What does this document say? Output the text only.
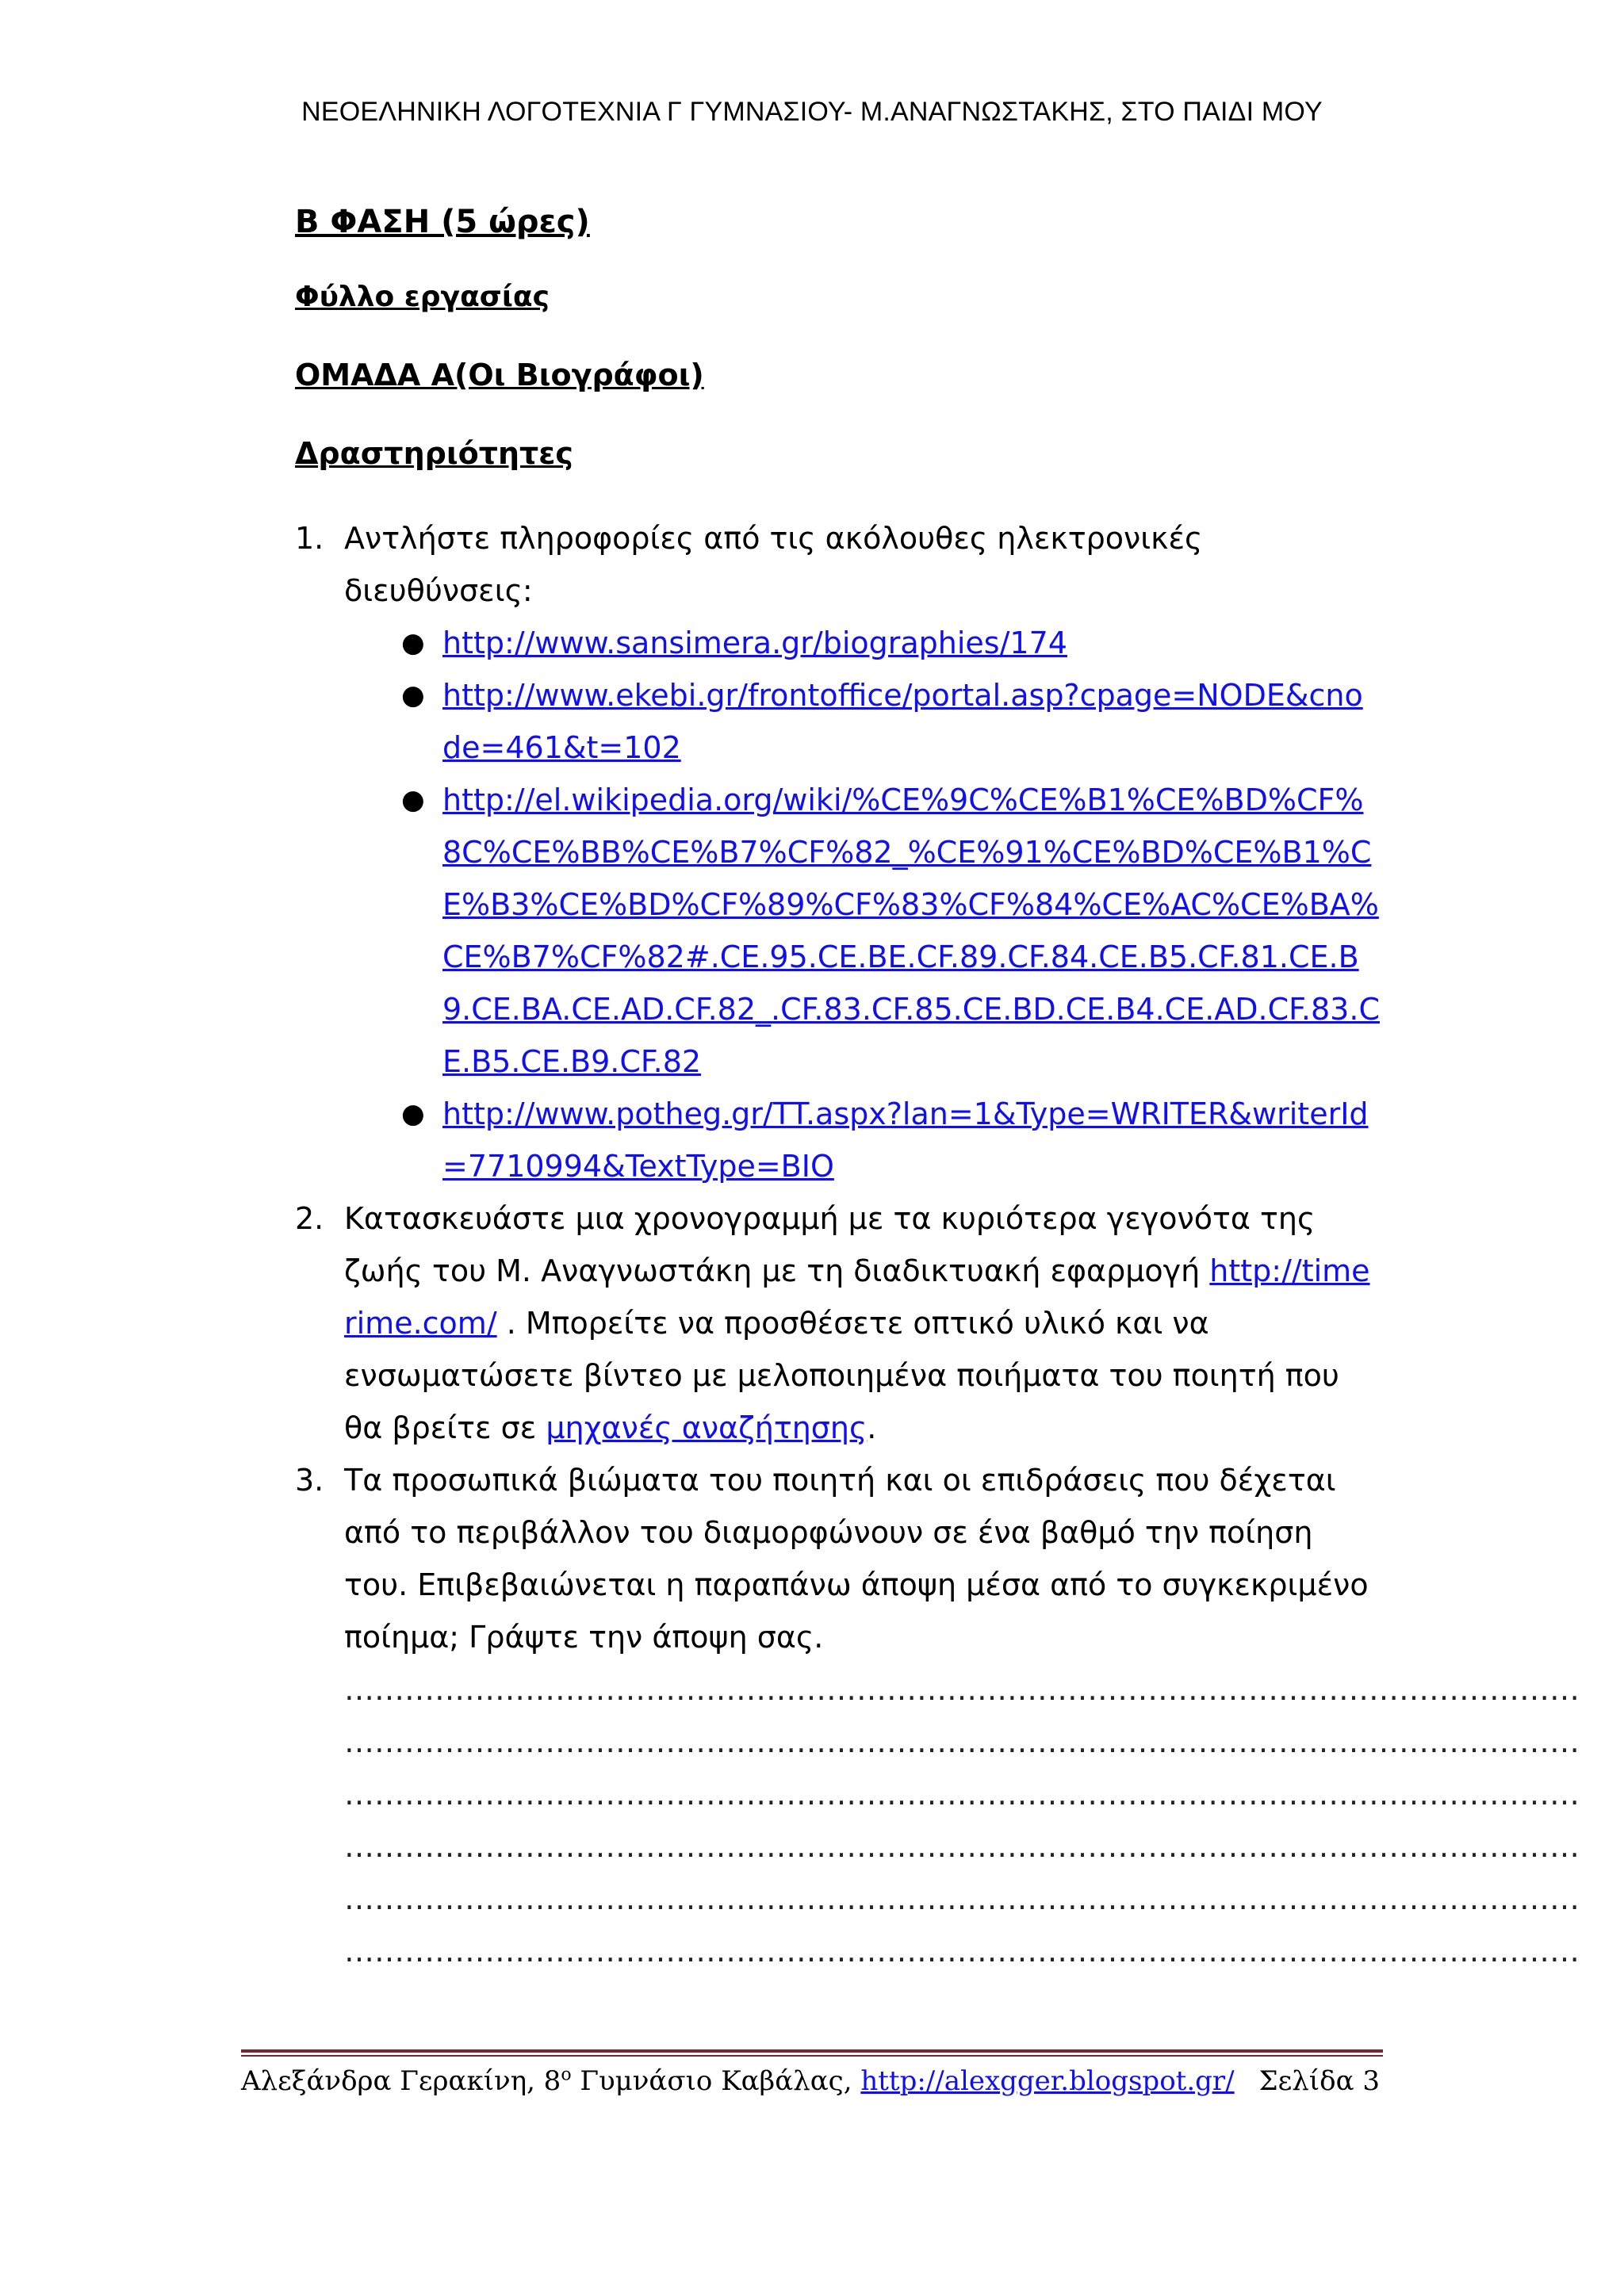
ΝΕΟΕΛΗΝΙΚΗ ΛΟΓΟΤΕΧΝΙΑ Γ ΓΥΜΝΑΣΙΟΥ- Μ.ΑΝΑΓΝΩΣΤΑΚΗΣ, ΣΤΟ ΠΑΙΔΙ ΜΟΥ

Β ΦΑΣΗ (5 ώρες)

Φύλλο εργασίας

ΟΜΑΔΑ Α(Οι Βιογράφοι)

Δραστηριότητες

1. Αντλήστε πληροφορίες από τις ακόλουθες ηλεκτρονικές διευθύνσεις:
● http://www.sansimera.gr/biographies/174
● http://www.ekebi.gr/frontoffice/portal.asp?cpage=NODE&cnode=461&t=102
● http://el.wikipedia.org/wiki/%CE%9C%CE%B1%CE%BD%CF%8C%CE%BB%CE%B7%CF%82_%CE%91%CE%BD%CE%B1%CE%B3%CE%BD%CF%89%CF%83%CF%84%CE%AC%CE%BA%CE%B7%CF%82#.CE.95.CE.BE.CF.89.CF.84.CE.B5.CF.81.CE.B9.CE.BA.CE.AD.CF.82_.CF.83.CF.85.CE.BD.CE.B4.CE.AD.CF.83.CE.B5.CE.B9.CF.82
● http://www.potheg.gr/TT.aspx?lan=1&Type=WRITER&writerId=7710994&TextType=BIO
2. Κατασκευάστε μια χρονογραμμή με τα κυριότερα γεγονότα της ζωής του Μ. Αναγνωστάκη με τη διαδικτυακή εφαρμογή http://timerime.com/ . Μπορείτε να προσθέσετε οπτικό υλικό και να ενσωματώσετε βίντεο με μελοποιημένα ποιήματα του ποιητή που θα βρείτε σε μηχανές αναζήτησης.
3. Τα προσωπικά βιώματα του ποιητή και οι επιδράσεις που δέχεται από το περιβάλλον του διαμορφώνουν σε ένα βαθμό την ποίηση του. Επιβεβαιώνεται η παραπάνω άποψη μέσα από το συγκεκριμένο ποίημα; Γράψτε την άποψη σας.

……………………………………………………………………………………………………………

……………………………………………………………………………………………………………

……………………………………………………………………………………………………………

……………………………………………………………………………………………………………

……………………………………………………………………………………………………………

……………………………………………………………………………………………………………

Αλεξάνδρα Γερακίνη, $8^o$ Γυμνάσιο Καβάλας, http://alexgger.blogspot.gr/ Σελίδα 3
